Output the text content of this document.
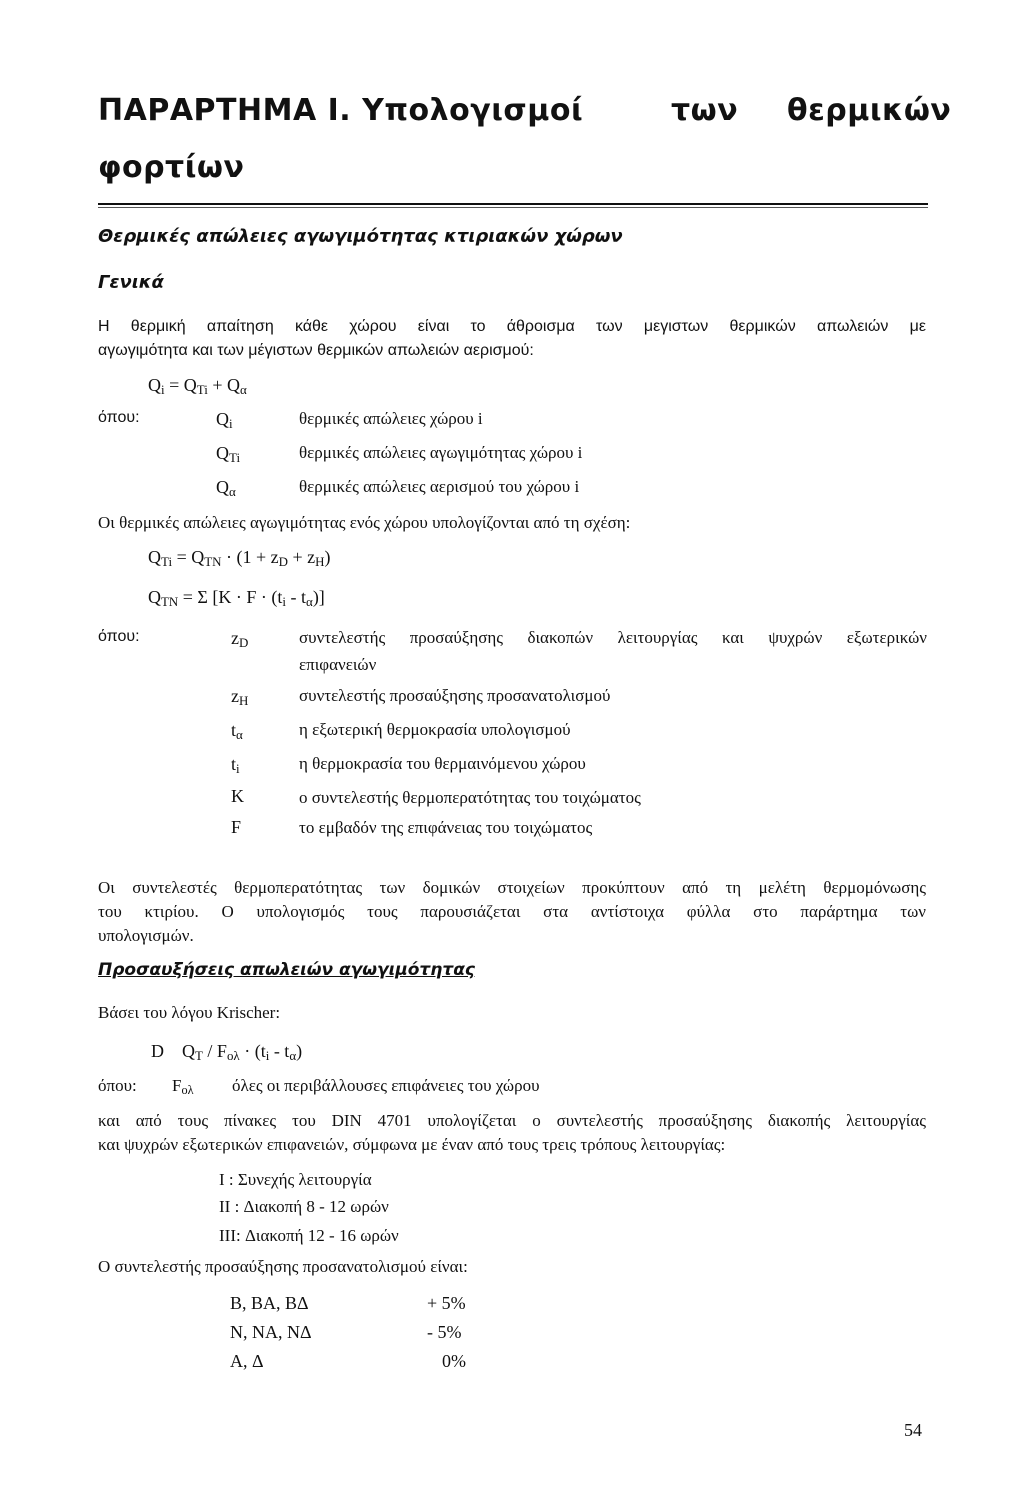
ΠΑΡΑΡΤΗΜΑ Ι. Υπολογισμοί	των θερμικών
φορτίων
Θερμικές απώλειες αγωγιμότητας κτιριακών χώρων
Γενικά
Η θερμική απαίτηση κάθε χώρου είναι το άθροισμα των μεγιστων θερμικών απωλειών με
αγωγιμότητα και των μέγιστων θερμικών απωλειών αερισμού:
$Q_i = Q_{Ti} + Q_\alpha$
όπου:	$Q_i$	θερμικές απώλειες χώρου i
$Q_{Ti}$	θερμικές απώλειες αγωγιμότητας χώρου i
$Q_\alpha$	θερμικές απώλειες αερισμού του χώρου i
Οι θερμικές απώλειες αγωγιμότητας ενός χώρου υπολογίζονται από τη σχέση:
$Q_{Ti} = Q_{TN} \cdot (1 + z_D + z_H)$
$Q_{TN} = \Sigma$ $[K \cdot F \cdot (t_i - t_\alpha)]$
όπου:	$z_D$	συντελεστής προσαύξησης διακοπών λειτουργίας και ψυχρών εξωτερικών
επιφανειών
$z_H$	συντελεστής προσαύξησης προσανατολισμού
$t_\alpha$	η εξωτερική θερμοκρασία υπολογισμού
$t_i$	η θερμοκρασία του θερμαινόμενου χώρου
K	ο συντελεστής θερμοπερατότητας του τοιχώματος
F	το εμβαδόν της επιφάνειας του τοιχώματος
Οι συντελεστές θερμοπερατότητας των δομικών στοιχείων προκύπτουν από τη μελέτη θερμομόνωσης
του κτιρίου. Ο υπολογισμός τους παρουσιάζεται στα αντίστοιχα φύλλα στο παράρτημα των
υπολογισμών.
Προσαυξήσεις απωλειών αγωγιμότητας
Βάσει του λόγου Krischer:
D $Q_T / F_{o\lambda} \cdot (t_i - t_\alpha)$
όπου: $F_{o\lambda}$ όλες οι περιβάλλουσες επιφάνειες του χώρου
και από τους πίνακες του DIN 4701 υπολογίζεται ο συντελεστής προσαύξησης διακοπής λειτουργίας
και ψυχρών εξωτερικών επιφανειών, σύμφωνα με έναν από τους τρεις τρόπους λειτουργίας:
I : Συνεχής λειτουργία
II : Διακοπή 8 - 12 ωρών
III: Διακοπή 12 - 16 ωρών
Ο συντελεστής προσαύξησης προσανατολισμού είναι:
B, BA, BΔ	+ 5%
N, NA, NΔ	- 5%
A, Δ	0%
54
